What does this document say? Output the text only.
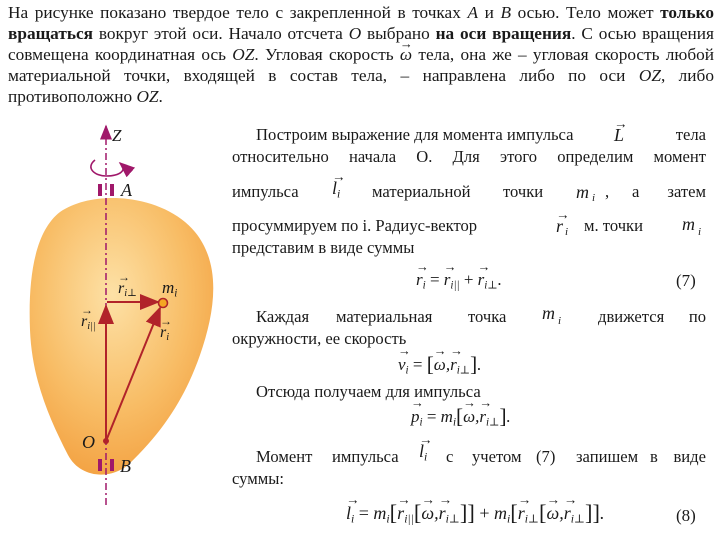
На рисунке показано твердое тело с закрепленной в точках A и B осью. Тело может только вращаться вокруг этой оси. Начало отсчета O выбрано на оси вращения. С осью вращения совмещена координатная ось OZ. Угловая скорость → ω тела, она же – угловая скорость любой материальной точки, входящей в состав тела, – направлена либо по оси OZ, либо противоположно OZ.
Z
A
B
O
$m_i$
→ $r_{i\perp}$
→ $r_{i||}$	→ $r_i$
Построим выражение для момента импульса → L	тела
относительно начала O. Для этого определим момент
импульса → $l_i$ материальной точки m i , а затем
просуммируем по i. Радиус-вектор	→ r i м. точки m i
представим в виде суммы
→ $r_i$ = → $r_{i||}$ + → $r_{i\perp}$.	(7)
Каждая материальная точка m i движется по
окружности, ее скорость
→ $v_i$ = [→ $\omega,\to r_{i\perp}$].
Отсюда получаем для импульса
→ $p_i = m_i[\to \omega,\to r_{i\perp}]$.
Момент импульса → $l_i$ с учетом (7) запишем в виде
суммы:
→ $l_i = m_i[\to r_{i||}[\to \omega,\to r_{i\perp}]] + m_i[\to r_{i\perp}[\to \omega,\to r_{i\perp}]]$.	(8)
